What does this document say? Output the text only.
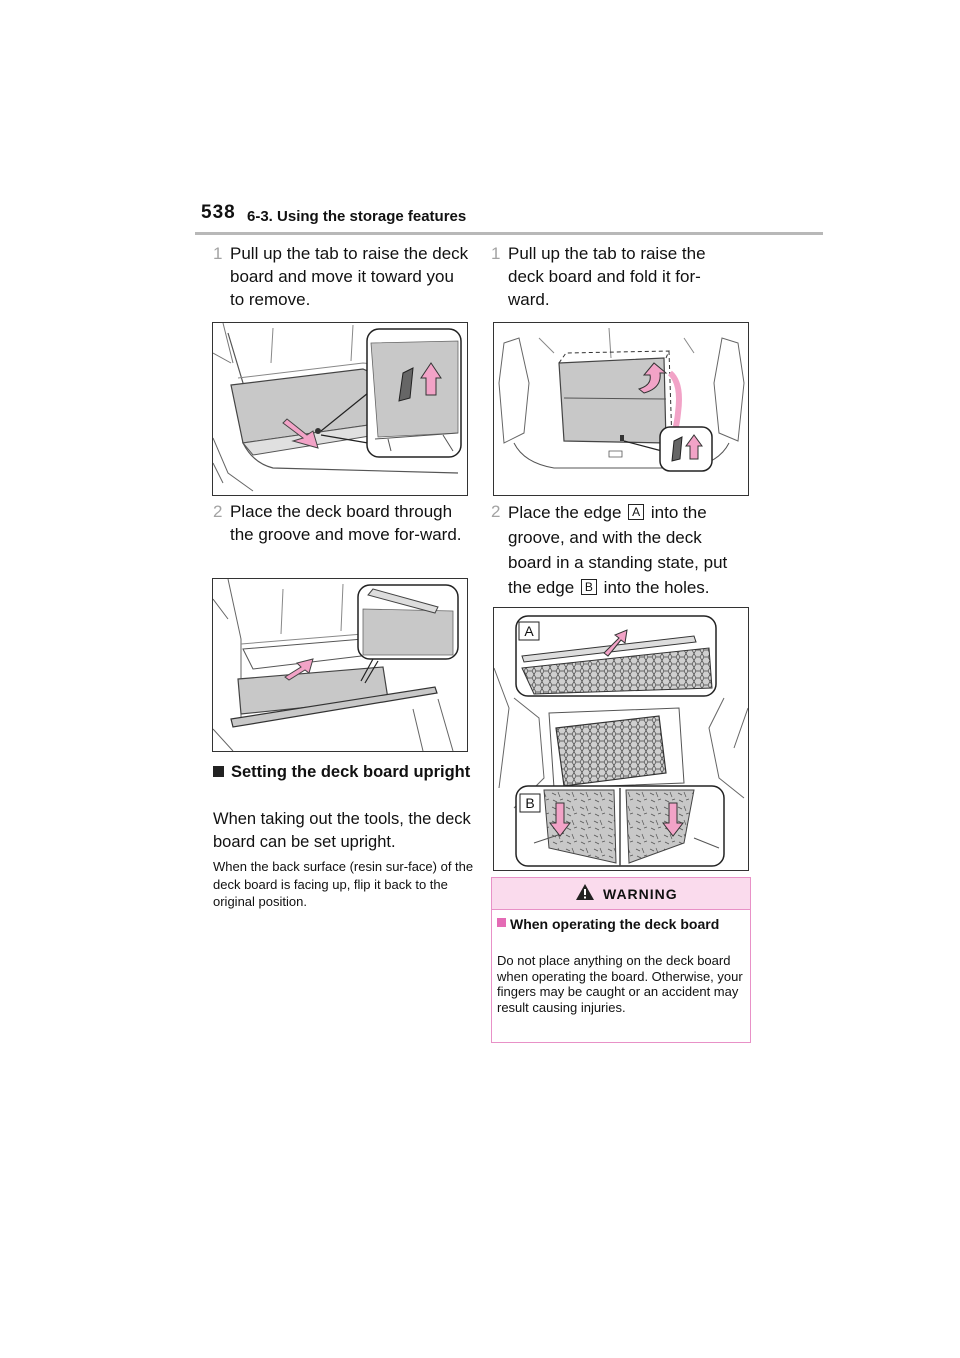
538 6-3. Using the storage features
1 Pull up the tab to raise the deck board and move it toward you to remove.
2 Place the deck board through the groove and move for-ward.
Setting the deck board upright
When taking out the tools, the deck board can be set upright.
When the back surface (resin sur-face) of the deck board is facing up, flip it back to the original position.
1 Pull up the tab to raise the deck board and fold it for-ward.
2 Place the edge A into the groove, and with the deck board in a standing state, put the edge B into the holes.
A
B
WARNING
When operating the deck board
Do not place anything on the deck board when operating the board. Otherwise, your fingers may be caught or an accident may result causing injuries.
